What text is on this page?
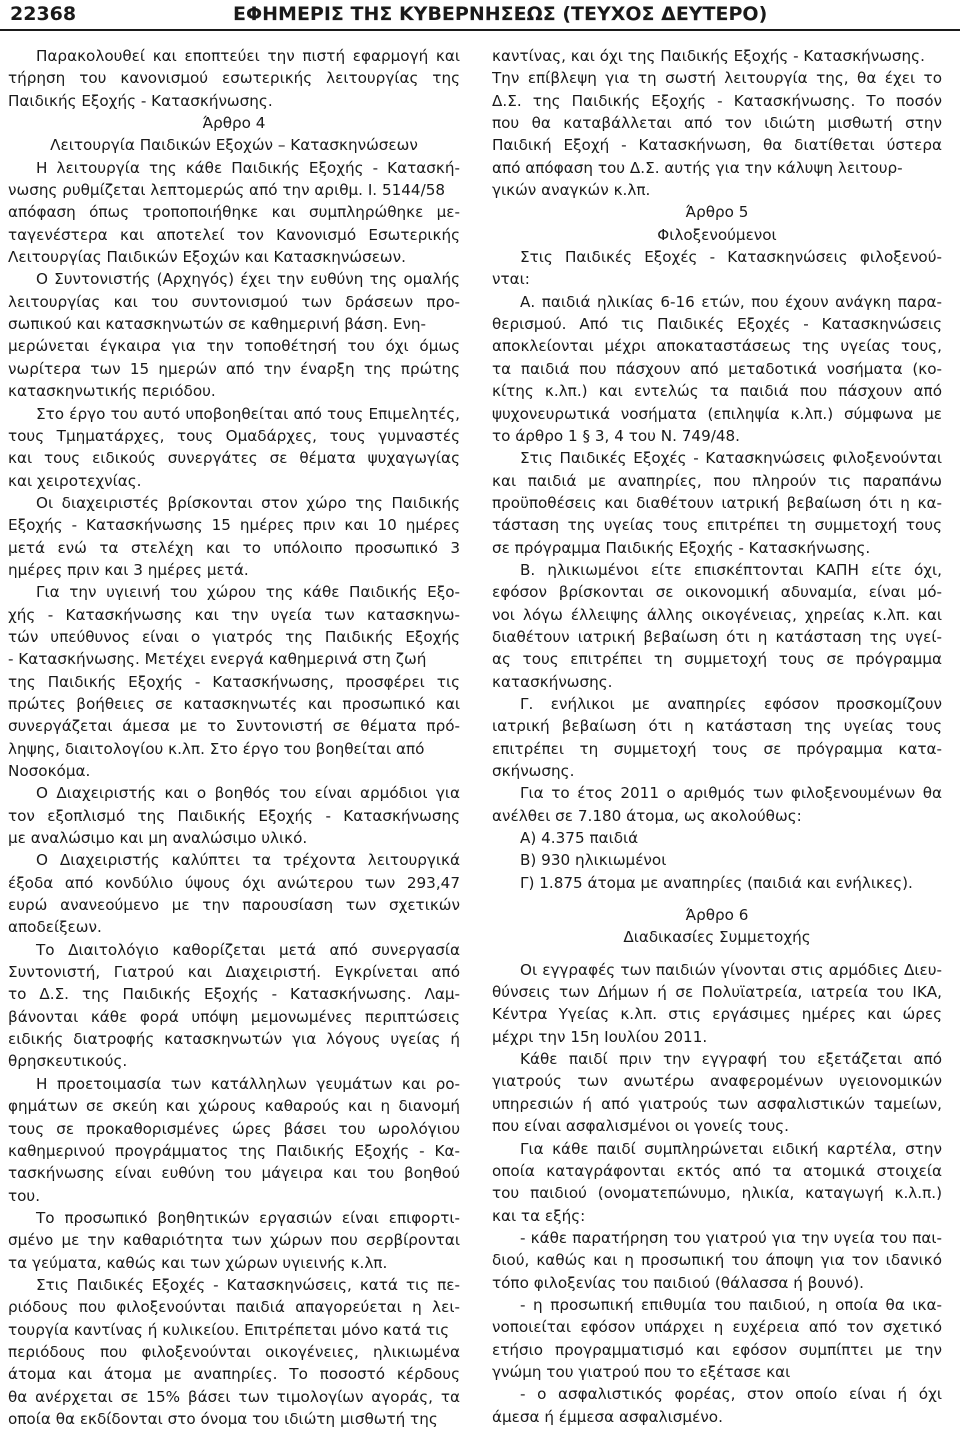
22368	ΕΦΗΜΕΡΙΣ ΤΗΣ ΚΥΒΕΡΝΗΣΕΩΣ (ΤΕΥΧΟΣ ΔΕΥΤΕΡΟ)
Παρακολουθεί και εποπτεύει την πιστή εφαρμογή και
τήρηση του κανονισμού εσωτερικής λειτουργίας της
Παιδικής Εξοχής - Κατασκήνωσης.
Άρθρο 4
Λειτουργία Παιδικών Εξοχών – Κατασκηνώσεων
Η λειτουργία της κάθε Παιδικής Εξοχής - Κατασκή-
νωσης ρυθμίζεται λεπτομερώς από την αριθμ. Ι. 5144/58
απόφαση όπως τροποποιήθηκε και συμπληρώθηκε με-
ταγενέστερα και αποτελεί τον Κανονισμό Εσωτερικής
Λειτουργίας Παιδικών Εξοχών και Κατασκηνώσεων.
Ο Συντονιστής (Αρχηγός) έχει την ευθύνη της ομαλής
λειτουργίας και του συντονισμού των δράσεων προ-
σωπικού και κατασκηνωτών σε καθημερινή βάση. Ενη-
μερώνεται έγκαιρα για την τοποθέτησή του όχι όμως
νωρίτερα των 15 ημερών από την έναρξη της πρώτης
κατασκηνωτικής περιόδου.
Στο έργο του αυτό υποβοηθείται από τους Επιμελητές,
τους Τμηματάρχες, τους Ομαδάρχες, τους γυμναστές
και τους ειδικούς συνεργάτες σε θέματα ψυχαγωγίας
και χειροτεχνίας.
Οι διαχειριστές βρίσκονται στον χώρο της Παιδικής
Εξοχής - Κατασκήνωσης 15 ημέρες πριν και 10 ημέρες
μετά ενώ τα στελέχη και το υπόλοιπο προσωπικό 3
ημέρες πριν και 3 ημέρες μετά.
Για την υγιεινή του χώρου της κάθε Παιδικής Εξο-
χής - Κατασκήνωσης και την υγεία των κατασκηνω-
τών υπεύθυνος είναι ο γιατρός της Παιδικής Εξοχής
- Κατασκήνωσης. Μετέχει ενεργά καθημερινά στη ζωή
της Παιδικής Εξοχής - Κατασκήνωσης, προσφέρει τις
πρώτες βοήθειες σε κατασκηνωτές και προσωπικό και
συνεργάζεται άμεσα με το Συντονιστή σε θέματα πρό-
ληψης, διαιτολογίου κ.λπ. Στο έργο του βοηθείται από
Νοσοκόμα.
Ο Διαχειριστής και ο βοηθός του είναι αρμόδιοι για
τον εξοπλισμό της Παιδικής Εξοχής - Κατασκήνωσης
με αναλώσιμο και μη αναλώσιμο υλικό.
Ο Διαχειριστής καλύπτει τα τρέχοντα λειτουργικά
έξοδα από κονδύλιο ύψους όχι ανώτερου των 293,47
ευρώ ανανεούμενο με την παρουσίαση των σχετικών
αποδείξεων.
Το Διαιτολόγιο καθορίζεται μετά από συνεργασία
Συντονιστή, Γιατρού και Διαχειριστή. Εγκρίνεται από
το Δ.Σ. της Παιδικής Εξοχής - Κατασκήνωσης. Λαμ-
βάνονται κάθε φορά υπόψη μεμονωμένες περιπτώσεις
ειδικής διατροφής κατασκηνωτών για λόγους υγείας ή
θρησκευτικούς.
Η προετοιμασία των κατάλληλων γευμάτων και ρο-
φημάτων σε σκεύη και χώρους καθαρούς και η διανομή
τους σε προκαθορισμένες ώρες βάσει του ωρολόγιου
καθημερινού προγράμματος της Παιδικής Εξοχής - Κα-
τασκήνωσης είναι ευθύνη του μάγειρα και του βοηθού
του.
Το προσωπικό βοηθητικών εργασιών είναι επιφορτι-
σμένο με την καθαριότητα των χώρων που σερβίρονται
τα γεύματα, καθώς και των χώρων υγιεινής κ.λπ.
Στις Παιδικές Εξοχές - Κατασκηνώσεις, κατά τις πε-
ριόδους που φιλοξενούνται παιδιά απαγορεύεται η λει-
τουργία καντίνας ή κυλικείου. Επιτρέπεται μόνο κατά τις
περιόδους που φιλοξενούνται οικογένειες, ηλικιωμένα
άτομα και άτομα με αναπηρίες. Το ποσοστό κέρδους
θα ανέρχεται σε 15% βάσει των τιμολογίων αγοράς, τα
οποία θα εκδίδονται στο όνομα του ιδιώτη μισθωτή της
καντίνας, και όχι της Παιδικής Εξοχής - Κατασκήνωσης.
Την επίβλεψη για τη σωστή λειτουργία της, θα έχει το
Δ.Σ. της Παιδικής Εξοχής - Κατασκήνωσης. Το ποσόν
που θα καταβάλλεται από τον ιδιώτη μισθωτή στην
Παιδική Εξοχή - Κατασκήνωση, θα διατίθεται ύστερα
από απόφαση του Δ.Σ. αυτής για την κάλυψη λειτουρ-
γικών αναγκών κ.λπ.
Άρθρο 5
Φιλοξενούμενοι
Στις Παιδικές Εξοχές - Κατασκηνώσεις φιλοξενού-
νται:
Α. παιδιά ηλικίας 6-16 ετών, που έχουν ανάγκη παρα-
θερισμού. Από τις Παιδικές Εξοχές - Κατασκηνώσεις
αποκλείονται μέχρι αποκαταστάσεως της υγείας τους,
τα παιδιά που πάσχουν από μεταδοτικά νοσήματα (κο-
κίτης κ.λπ.) και εντελώς τα παιδιά που πάσχουν από
ψυχονευρωτικά νοσήματα (επιληψία κ.λπ.) σύμφωνα με
το άρθρο 1 § 3, 4 του Ν. 749/48.
Στις Παιδικές Εξοχές - Κατασκηνώσεις φιλοξενούνται
και παιδιά με αναπηρίες, που πληρούν τις παραπάνω
προϋποθέσεις και διαθέτουν ιατρική βεβαίωση ότι η κα-
τάσταση της υγείας τους επιτρέπει τη συμμετοχή τους
σε πρόγραμμα Παιδικής Εξοχής - Κατασκήνωσης.
Β. ηλικιωμένοι είτε επισκέπτονται ΚΑΠΗ είτε όχι,
εφόσον βρίσκονται σε οικονομική αδυναμία, είναι μό-
νοι λόγω έλλειψης άλλης οικογένειας, χηρείας κ.λπ. και
διαθέτουν ιατρική βεβαίωση ότι η κατάσταση της υγεί-
ας τους επιτρέπει τη συμμετοχή τους σε πρόγραμμα
κατασκήνωσης.
Γ. ενήλικοι με αναπηρίες εφόσον προσκομίζουν
ιατρική βεβαίωση ότι η κατάσταση της υγείας τους
επιτρέπει τη συμμετοχή τους σε πρόγραμμα κατα-
σκήνωσης.
Για το έτος 2011 ο αριθμός των φιλοξενουμένων θα
ανέλθει σε 7.180 άτομα, ως ακολούθως:
Α) 4.375 παιδιά
Β) 930 ηλικιωμένοι
Γ) 1.875 άτομα με αναπηρίες (παιδιά και ενήλικες).
Άρθρο 6
Διαδικασίες Συμμετοχής
Οι εγγραφές των παιδιών γίνονται στις αρμόδιες Διευ-
θύνσεις των Δήμων ή σε Πολυϊατρεία, ιατρεία του ΙΚΑ,
Κέντρα Υγείας κ.λπ. στις εργάσιμες ημέρες και ώρες
μέχρι την 15η Ιουλίου 2011.
Κάθε παιδί πριν την εγγραφή του εξετάζεται από
γιατρούς των ανωτέρω αναφερομένων υγειονομικών
υπηρεσιών ή από γιατρούς των ασφαλιστικών ταμείων,
που είναι ασφαλισμένοι οι γονείς τους.
Για κάθε παιδί συμπληρώνεται ειδική καρτέλα, στην
οποία καταγράφονται εκτός από τα ατομικά στοιχεία
του παιδιού (ονοματεπώνυμο, ηλικία, καταγωγή κ.λ.π.)
και τα εξής:
- κάθε παρατήρηση του γιατρού για την υγεία του παι-
διού, καθώς και η προσωπική του άποψη για τον ιδανικό
τόπο φιλοξενίας του παιδιού (θάλασσα ή βουνό).
- η προσωπική επιθυμία του παιδιού, η οποία θα ικα-
νοποιείται εφόσον υπάρχει η ευχέρεια από τον σχετικό
ετήσιο προγραμματισμό και εφόσον συμπίπτει με την
γνώμη του γιατρού που το εξέτασε και
- ο ασφαλιστικός φορέας, στον οποίο είναι ή όχι
άμεσα ή έμμεσα ασφαλισμένο.
